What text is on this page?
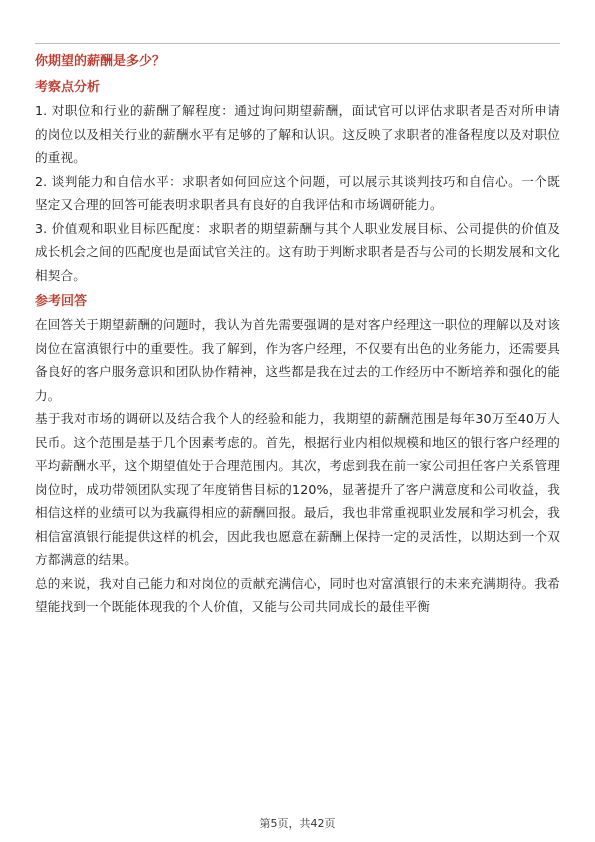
你期望的薪酬是多少？

考察点分析

1. 对职位和行业的薪酬了解程度：通过询问期望薪酬，面试官可以评估求职者是否对所申请的岗位以及相关行业的薪酬水平有足够的了解和认识。这反映了求职者的准备程度以及对职位的重视。

2. 谈判能力和自信水平：求职者如何回应这个问题，可以展示其谈判技巧和自信心。一个既坚定又合理的回答可能表明求职者具有良好的自我评估和市场调研能力。

3. 价值观和职业目标匹配度：求职者的期望薪酬与其个人职业发展目标、公司提供的价值及成长机会之间的匹配度也是面试官关注的。这有助于判断求职者是否与公司的长期发展和文化相契合。

参考回答

在回答关于期望薪酬的问题时，我认为首先需要强调的是对客户经理这一职位的理解以及对该岗位在富滇银行中的重要性。我了解到，作为客户经理，不仅要有出色的业务能力，还需要具备良好的客户服务意识和团队协作精神，这些都是我在过去的工作经历中不断培养和强化的能力。

基于我对市场的调研以及结合我个人的经验和能力，我期望的薪酬范围是每年30万至40万人民币。这个范围是基于几个因素考虑的。首先，根据行业内相似规模和地区的银行客户经理的平均薪酬水平，这个期望值处于合理范围内。其次，考虑到我在前一家公司担任客户关系管理岗位时，成功带领团队实现了年度销售目标的120%，显著提升了客户满意度和公司收益，我相信这样的业绩可以为我赢得相应的薪酬回报。最后，我也非常重视职业发展和学习机会，我相信富滇银行能提供这样的机会，因此我也愿意在薪酬上保持一定的灵活性，以期达到一个双方都满意的结果。

总的来说，我对自己能力和对岗位的贡献充满信心，同时也对富滇银行的未来充满期待。我希望能找到一个既能体现我的个人价值，又能与公司共同成长的最佳平衡

第5页，共42页
